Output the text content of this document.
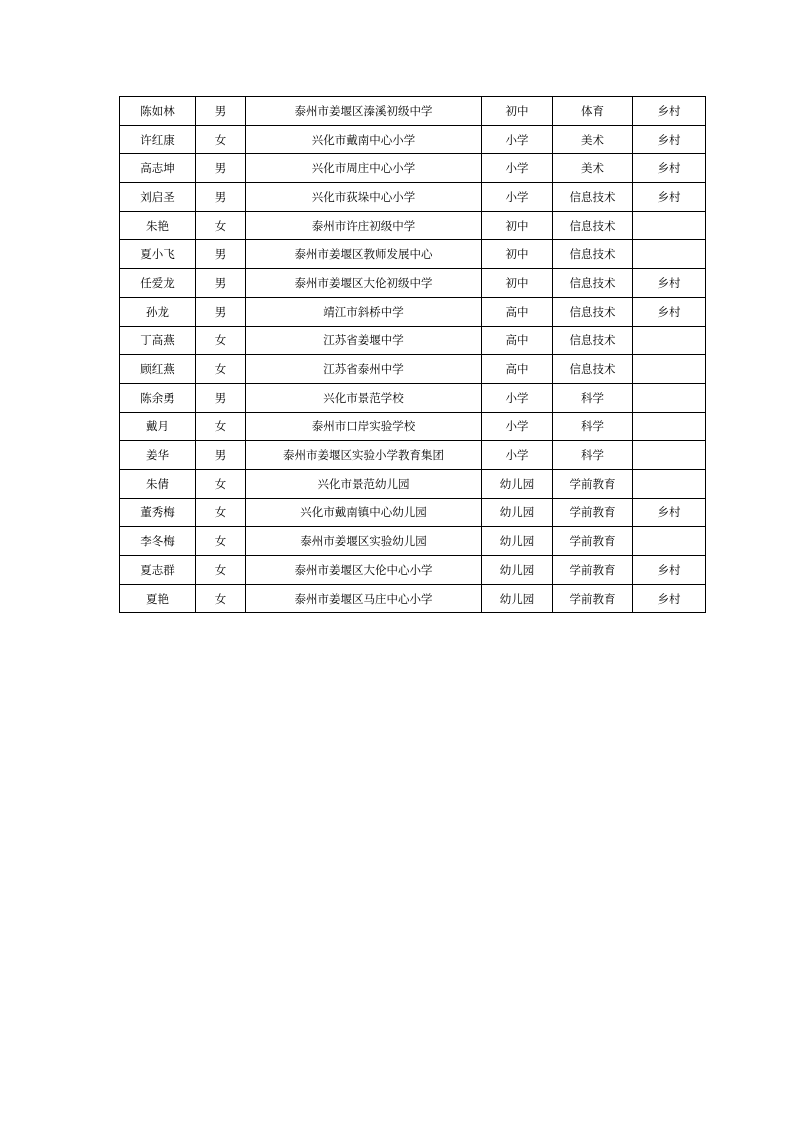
陈如林	男	泰州市姜堰区溱溪初级中学	初中	体育	乡村
许红康	女	兴化市戴南中心小学	小学	美术	乡村
高志坤	男	兴化市周庄中心小学	小学	美术	乡村
刘启圣	男	兴化市荻垛中心小学	小学	信息技术	乡村
朱艳	女	泰州市许庄初级中学	初中	信息技术	
夏小飞	男	泰州市姜堰区教师发展中心	初中	信息技术	
任爱龙	男	泰州市姜堰区大伦初级中学	初中	信息技术	乡村
孙龙	男	靖江市斜桥中学	高中	信息技术	乡村
丁高燕	女	江苏省姜堰中学	高中	信息技术	
顾红燕	女	江苏省泰州中学	高中	信息技术	
陈余勇	男	兴化市景范学校	小学	科学	
戴月	女	泰州市口岸实验学校	小学	科学	
姜华	男	泰州市姜堰区实验小学教育集团	小学	科学	
朱倩	女	兴化市景范幼儿园	幼儿园	学前教育	
董秀梅	女	兴化市戴南镇中心幼儿园	幼儿园	学前教育	乡村
李冬梅	女	泰州市姜堰区实验幼儿园	幼儿园	学前教育	
夏志群	女	泰州市姜堰区大伦中心小学	幼儿园	学前教育	乡村
夏艳	女	泰州市姜堰区马庄中心小学	幼儿园	学前教育	乡村
